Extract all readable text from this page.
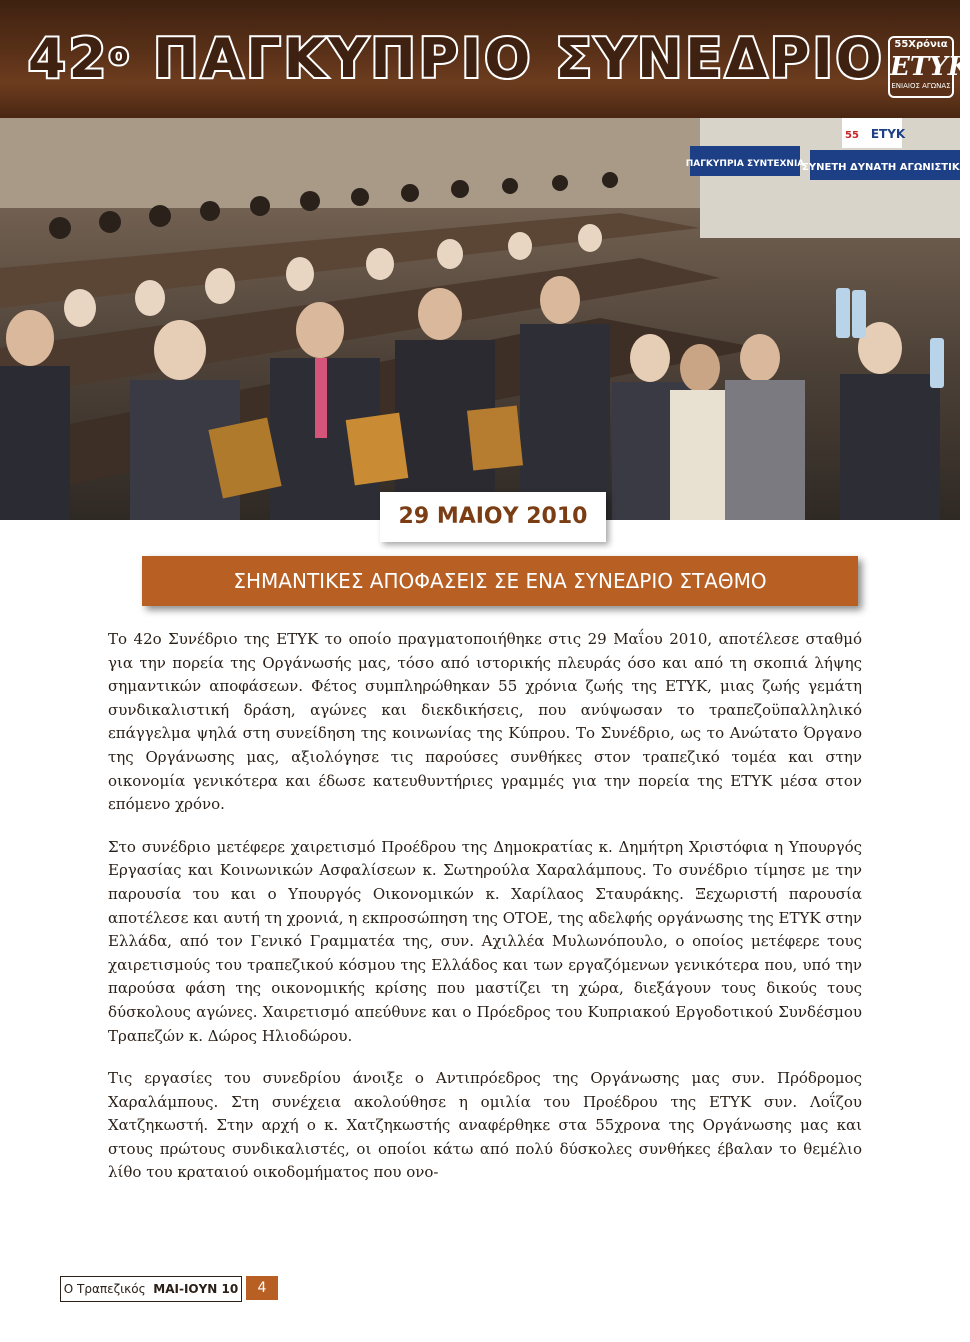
$42^o$ ΠΑΓΚΥΠΡΙΟ ΣΥΝΕΔΡΙΟ 55Χρόνια
ΕΤΥΚ
ΕΝΙΑΙΟΣ ΑΓΩΝΑΣ
ΠΑΓΚΥΠΡΙΑ ΣΥΝΤΕΧΝΙΑ
ΣΥΝΕΤΗ ΔΥΝΑΤΗ ΑΓΩΝΙΣΤΙΚΗ
ΕΤΥΚ
55
29 ΜΑΙΟΥ 2010
ΣΗΜΑΝΤΙΚΕΣ ΑΠΟΦΑΣΕΙΣ ΣΕ ΕΝΑ ΣΥΝΕΔΡΙΟ ΣΤΑΘΜΟ

Το 42ο Συνέδριο της ΕΤΥΚ το οποίο πραγματοποιήθηκε στις 29 Μαΐου 2010, αποτέλεσε σταθμό για την πορεία της Οργάνωσής μας, τόσο από ιστορικής πλευράς όσο και από τη σκοπιά λήψης σημαντικών αποφάσεων. Φέτος συμπληρώθηκαν 55 χρόνια ζωής της ΕΤΥΚ, μιας ζωής γεμάτη συνδικαλιστική δράση, αγώνες και διεκδικήσεις, που ανύψωσαν το τραπεζοϋπαλληλικό επάγγελμα ψηλά στη συνείδηση της κοινωνίας της Κύπρου. Το Συνέδριο, ως το Ανώτατο Όργανο της Οργάνωσης μας, αξιολόγησε τις παρούσες συνθήκες στον τραπεζικό τομέα και στην οικονομία γενικότερα και έδωσε κατευθυντήριες γραμμές για την πορεία της ΕΤΥΚ μέσα στον επόμενο χρόνο.

Στο συνέδριο μετέφερε χαιρετισμό Προέδρου της Δημοκρατίας κ. Δημήτρη Χριστόφια η Υπουργός Εργασίας και Κοινωνικών Ασφαλίσεων κ. Σωτηρούλα Χαραλάμπους. Το συνέδριο τίμησε με την παρουσία του και ο Υπουργός Οικονομικών κ. Χαρίλαος Σταυράκης. Ξεχωριστή παρουσία αποτέλεσε και αυτή τη χρονιά, η εκπροσώπηση της ΟΤΟΕ, της αδελφής οργάνωσης της ΕΤΥΚ στην Ελλάδα, από τον Γενικό Γραμματέα της, συν. Αχιλλέα Μυλωνόπουλο, ο οποίος μετέφερε τους χαιρετισμούς του τραπεζικού κόσμου της Ελλάδος και των εργαζόμενων γενικότερα που, υπό την παρούσα φάση της οικονομικής κρίσης που μαστίζει τη χώρα, διεξάγουν τους δικούς τους δύσκολους αγώνες. Χαιρετισμό απεύθυνε και ο Πρόεδρος του Κυπριακού Εργοδοτικού Συνδέσμου Τραπεζών κ. Δώρος Ηλιοδώρου.

Τις εργασίες του συνεδρίου άνοιξε ο Αντιπρόεδρος της Οργάνωσης μας συν. Πρόδρομος Χαραλάμπους. Στη συνέχεια ακολούθησε η ομιλία του Προέδρου της ΕΤΥΚ συν. Λοΐζου Χατζηκωστή. Στην αρχή ο κ. Χατζηκωστής αναφέρθηκε στα 55χρονα της Οργάνωσης μας και στους πρώτους συνδικαλιστές, οι οποίοι κάτω από πολύ δύσκολες συνθήκες έβαλαν το θεμέλιο λίθο του κραταιού οικοδομήματος που ονο-

Ο Τραπεζικός ΜΑΙ-ΙΟΥΝ 10	4
